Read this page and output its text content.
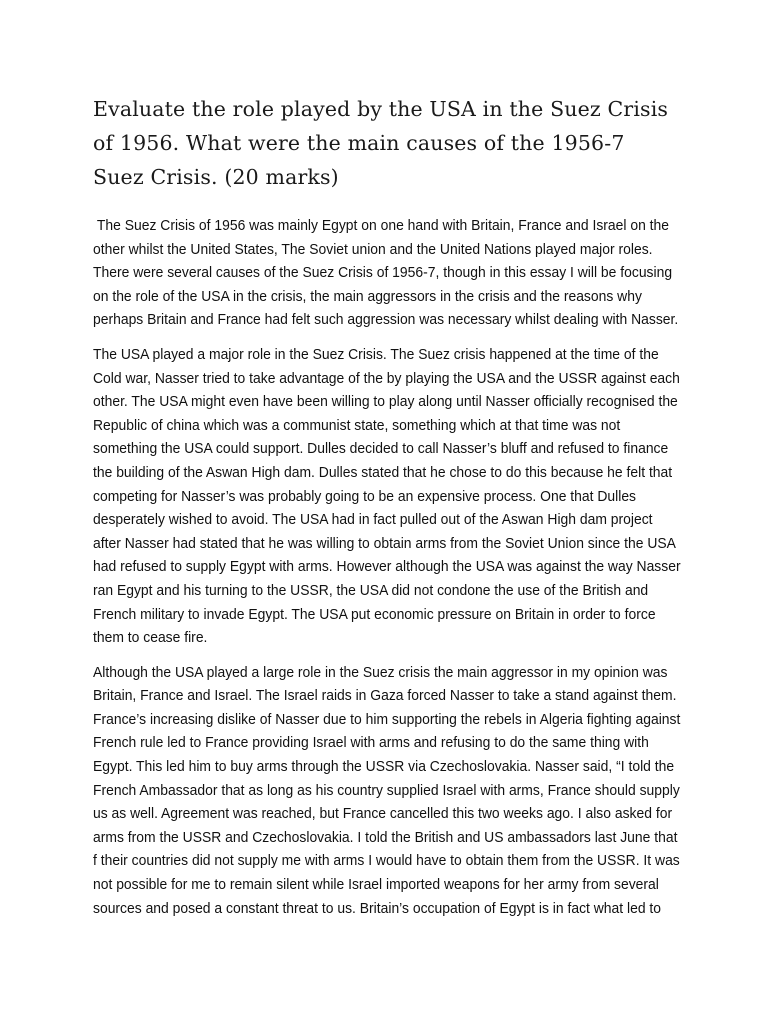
Evaluate the role played by the USA in the Suez Crisis of 1956. What were the main causes of the 1956-7 Suez Crisis. (20 marks)

The Suez Crisis of 1956 was mainly Egypt on one hand with Britain, France and Israel on the other whilst the United States, The Soviet union and the United Nations played major roles. There were several causes of the Suez Crisis of 1956-7, though in this essay I will be focusing on the role of the USA in the crisis, the main aggressors in the crisis and the reasons why perhaps Britain and France had felt such aggression was necessary whilst dealing with Nasser.

The USA played a major role in the Suez Crisis. The Suez crisis happened at the time of the Cold war, Nasser tried to take advantage of the by playing the USA and the USSR against each other. The USA might even have been willing to play along until Nasser officially recognised the Republic of china which was a communist state, something which at that time was not something the USA could support. Dulles decided to call Nasser’s bluff and refused to finance the building of the Aswan High dam. Dulles stated that he chose to do this because he felt that competing for Nasser’s was probably going to be an expensive process. One that Dulles desperately wished to avoid. The USA had in fact pulled out of the Aswan High dam project after Nasser had stated that he was willing to obtain arms from the Soviet Union since the USA had refused to supply Egypt with arms. However although the USA was against the way Nasser ran Egypt and his turning to the USSR, the USA did not condone the use of the British and French military to invade Egypt. The USA put economic pressure on Britain in order to force them to cease fire.

Although the USA played a large role in the Suez crisis the main aggressor in my opinion was Britain, France and Israel. The Israel raids in Gaza forced Nasser to take a stand against them. France’s increasing dislike of Nasser due to him supporting the rebels in Algeria fighting against French rule led to France providing Israel with arms and refusing to do the same thing with Egypt. This led him to buy arms through the USSR via Czechoslovakia. Nasser said, “I told the French Ambassador that as long as his country supplied Israel with arms, France should supply us as well. Agreement was reached, but France cancelled this two weeks ago. I also asked for arms from the USSR and Czechoslovakia. I told the British and US ambassadors last June that f their countries did not supply me with arms I would have to obtain them from the USSR. It was not possible for me to remain silent while Israel imported weapons for her army from several sources and posed a constant threat to us. Britain’s occupation of Egypt is in fact what led to
